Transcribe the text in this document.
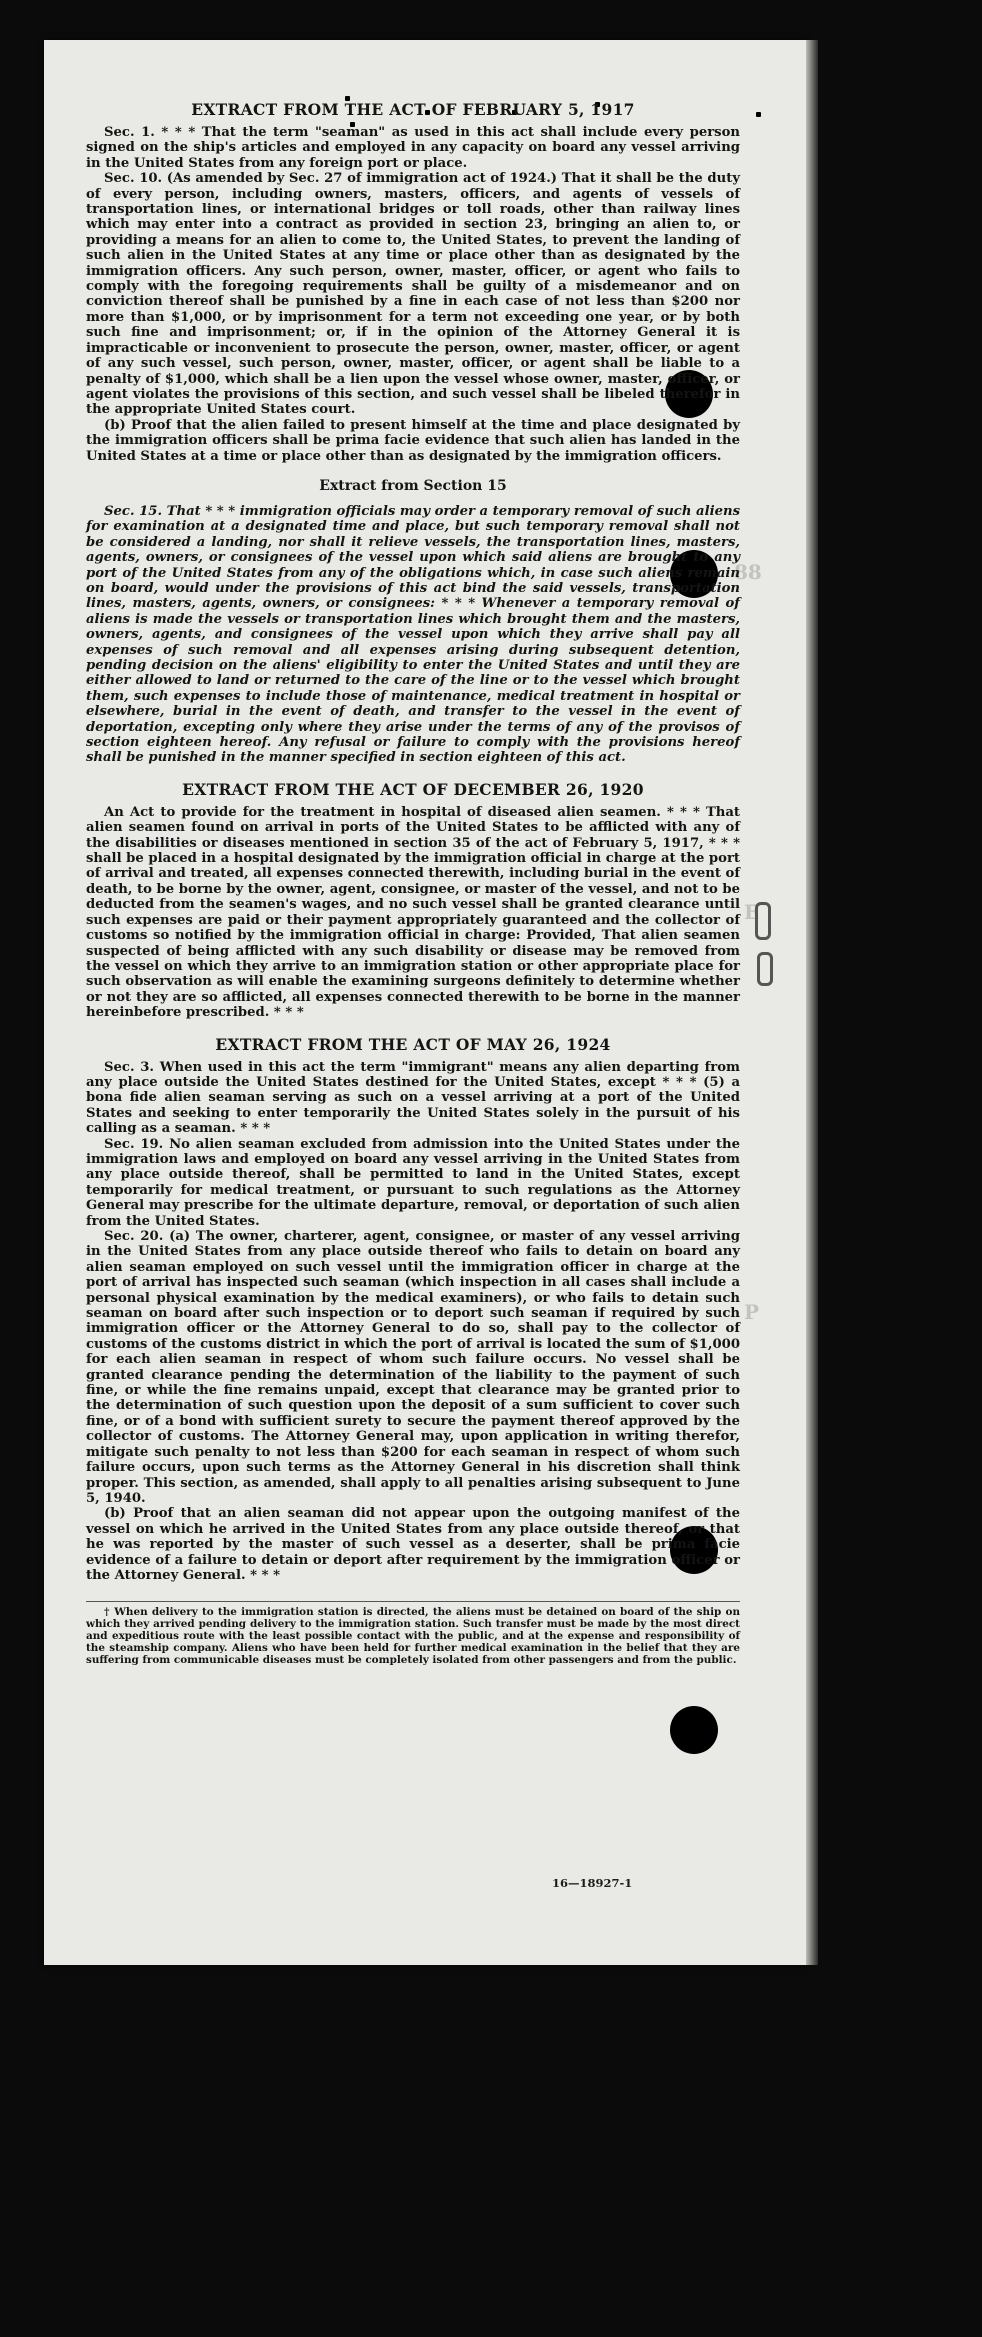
88
E
P
16—18927-1
EXTRACT FROM THE ACT OF FEBRUARY 5, 1917

Sec. 1. * * * That the term "seaman" as used in this act shall include every person signed on the ship's articles and employed in any capacity on board any vessel arriving in the United States from any foreign port or place.

Sec. 10. (As amended by Sec. 27 of immigration act of 1924.) That it shall be the duty of every person, including owners, masters, officers, and agents of vessels of transportation lines, or international bridges or toll roads, other than railway lines which may enter into a contract as provided in section 23, bringing an alien to, or providing a means for an alien to come to, the United States, to prevent the landing of such alien in the United States at any time or place other than as designated by the immigration officers. Any such person, owner, master, officer, or agent who fails to comply with the foregoing requirements shall be guilty of a misdemeanor and on conviction thereof shall be punished by a fine in each case of not less than $200 nor more than $1,000, or by imprisonment for a term not exceeding one year, or by both such fine and imprisonment; or, if in the opinion of the Attorney General it is impracticable or inconvenient to prosecute the person, owner, master, officer, or agent of any such vessel, such person, owner, master, officer, or agent shall be liable to a penalty of $1,000, which shall be a lien upon the vessel whose owner, master, officer, or agent violates the provisions of this section, and such vessel shall be libeled therefor in the appropriate United States court.

(b) Proof that the alien failed to present himself at the time and place designated by the immigration officers shall be prima facie evidence that such alien has landed in the United States at a time or place other than as designated by the immigration officers.

Extract from Section 15

Sec. 15. That * * * immigration officials may order a temporary removal of such aliens for examination at a designated time and place, but such temporary removal shall not be considered a landing, nor shall it relieve vessels, the transportation lines, masters, agents, owners, or consignees of the vessel upon which said aliens are brought to any port of the United States from any of the obligations which, in case such aliens remain on board, would under the provisions of this act bind the said vessels, transportation lines, masters, agents, owners, or consignees: * * * Whenever a temporary removal of aliens is made the vessels or transportation lines which brought them and the masters, owners, agents, and consignees of the vessel upon which they arrive shall pay all expenses of such removal and all expenses arising during subsequent detention, pending decision on the aliens' eligibility to enter the United States and until they are either allowed to land or returned to the care of the line or to the vessel which brought them, such expenses to include those of maintenance, medical treatment in hospital or elsewhere, burial in the event of death, and transfer to the vessel in the event of deportation, excepting only where they arise under the terms of any of the provisos of section eighteen hereof. Any refusal or failure to comply with the provisions hereof shall be punished in the manner specified in section eighteen of this act.

EXTRACT FROM THE ACT OF DECEMBER 26, 1920

An Act to provide for the treatment in hospital of diseased alien seamen. * * * That alien seamen found on arrival in ports of the United States to be afflicted with any of the disabilities or diseases mentioned in section 35 of the act of February 5, 1917, * * * shall be placed in a hospital designated by the immigration official in charge at the port of arrival and treated, all expenses connected therewith, including burial in the event of death, to be borne by the owner, agent, consignee, or master of the vessel, and not to be deducted from the seamen's wages, and no such vessel shall be granted clearance until such expenses are paid or their payment appropriately guaranteed and the collector of customs so notified by the immigration official in charge: Provided, That alien seamen suspected of being afflicted with any such disability or disease may be removed from the vessel on which they arrive to an immigration station or other appropriate place for such observation as will enable the examining surgeons definitely to determine whether or not they are so afflicted, all expenses connected therewith to be borne in the manner hereinbefore prescribed. * * *

EXTRACT FROM THE ACT OF MAY 26, 1924

Sec. 3. When used in this act the term "immigrant" means any alien departing from any place outside the United States destined for the United States, except * * * (5) a bona fide alien seaman serving as such on a vessel arriving at a port of the United States and seeking to enter temporarily the United States solely in the pursuit of his calling as a seaman. * * *

Sec. 19. No alien seaman excluded from admission into the United States under the immigration laws and employed on board any vessel arriving in the United States from any place outside thereof, shall be permitted to land in the United States, except temporarily for medical treatment, or pursuant to such regulations as the Attorney General may prescribe for the ultimate departure, removal, or deportation of such alien from the United States.

Sec. 20. (a) The owner, charterer, agent, consignee, or master of any vessel arriving in the United States from any place outside thereof who fails to detain on board any alien seaman employed on such vessel until the immigration officer in charge at the port of arrival has inspected such seaman (which inspection in all cases shall include a personal physical examination by the medical examiners), or who fails to detain such seaman on board after such inspection or to deport such seaman if required by such immigration officer or the Attorney General to do so, shall pay to the collector of customs of the customs district in which the port of arrival is located the sum of $1,000 for each alien seaman in respect of whom such failure occurs. No vessel shall be granted clearance pending the determination of the liability to the payment of such fine, or while the fine remains unpaid, except that clearance may be granted prior to the determination of such question upon the deposit of a sum sufficient to cover such fine, or of a bond with sufficient surety to secure the payment thereof approved by the collector of customs. The Attorney General may, upon application in writing therefor, mitigate such penalty to not less than $200 for each seaman in respect of whom such failure occurs, upon such terms as the Attorney General in his discretion shall think proper. This section, as amended, shall apply to all penalties arising subsequent to June 5, 1940.

(b) Proof that an alien seaman did not appear upon the outgoing manifest of the vessel on which he arrived in the United States from any place outside thereof, or that he was reported by the master of such vessel as a deserter, shall be prima facie evidence of a failure to detain or deport after requirement by the immigration officer or the Attorney General. * * *

† When delivery to the immigration station is directed, the aliens must be detained on board of the ship on which they arrived pending delivery to the immigration station. Such transfer must be made by the most direct and expeditious route with the least possible contact with the public, and at the expense and responsibility of the steamship company. Aliens who have been held for further medical examination in the belief that they are suffering from communicable diseases must be completely isolated from other passengers and from the public.
